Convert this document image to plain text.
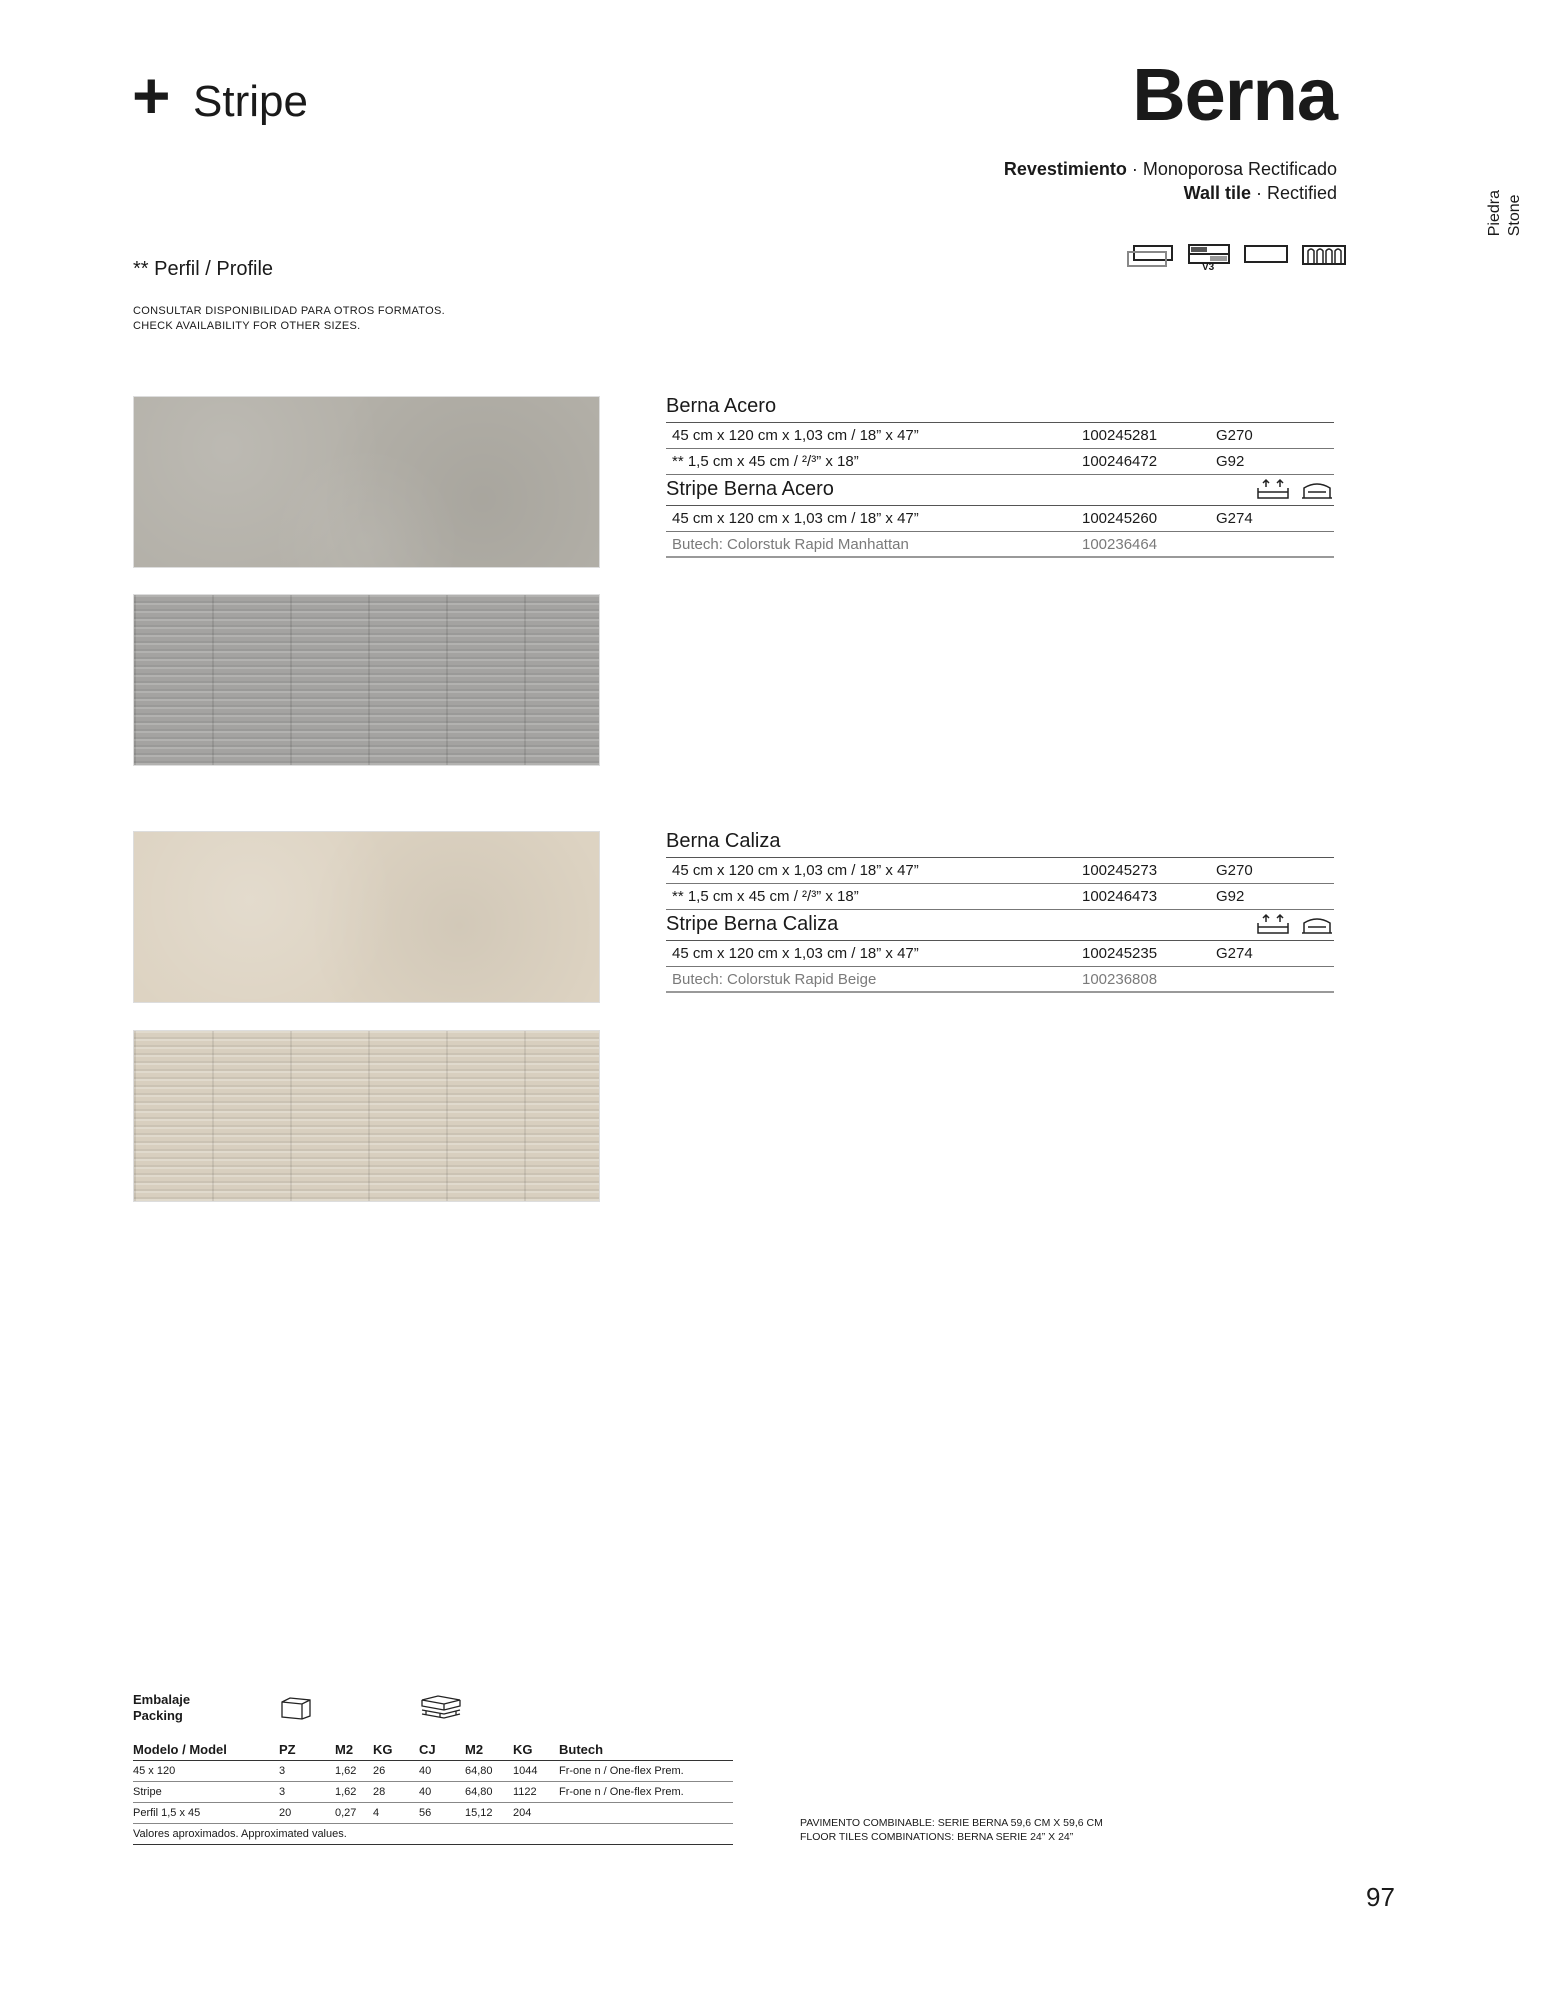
+ Stripe	Berna
Revestimiento · Monoporosa Rectificado
Wall tile · Rectified	Piedra Stone
** Perfil / Profile
CONSULTAR DISPONIBILIDAD PARA OTROS FORMATOS.
CHECK AVAILABILITY FOR OTHER SIZES.
V3
Berna Acero
45 cm x 120 cm x 1,03 cm / 18” x 47”	100245281	G270
** 1,5 cm x 45 cm / ²/³” x 18”	100246472	G92
Stripe Berna Acero
45 cm x 120 cm x 1,03 cm / 18” x 47”	100245260	G274
Butech: Colorstuk Rapid Manhattan	100236464
Berna Caliza
45 cm x 120 cm x 1,03 cm / 18” x 47”	100245273	G270
** 1,5 cm x 45 cm / ²/³” x 18”	100246473	G92
Stripe Berna Caliza
45 cm x 120 cm x 1,03 cm / 18” x 47”	100245235	G274
Butech: Colorstuk Rapid Beige	100236808
Embalaje
Packing
Modelo / Model	PZ	M2	KG	CJ	M2	KG	Butech
45 x 120	3	1,62	26	40	64,80	1044	Fr-one n / One-flex Prem.
Stripe	3	1,62	28	40	64,80	1122	Fr-one n / One-flex Prem.
Perfil 1,5 x 45	20	0,27	4	56	15,12	204	
Valores aproximados. Approximated values.							
PAVIMENTO COMBINABLE: SERIE BERNA 59,6 CM X 59,6 CM
FLOOR TILES COMBINATIONS: BERNA SERIE 24” X 24”
97
